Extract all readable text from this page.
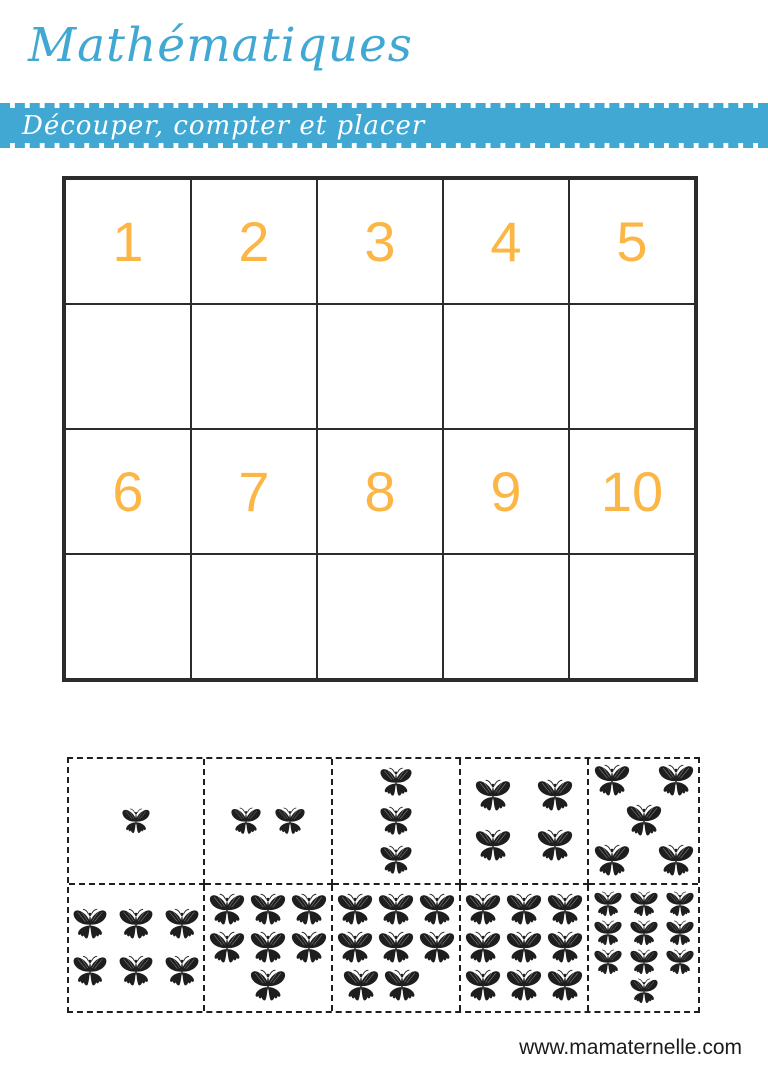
Mathématiques
Découper, compter et placer
1 2 3 4 5
6 7 8 9 10
www.mamaternelle.com
